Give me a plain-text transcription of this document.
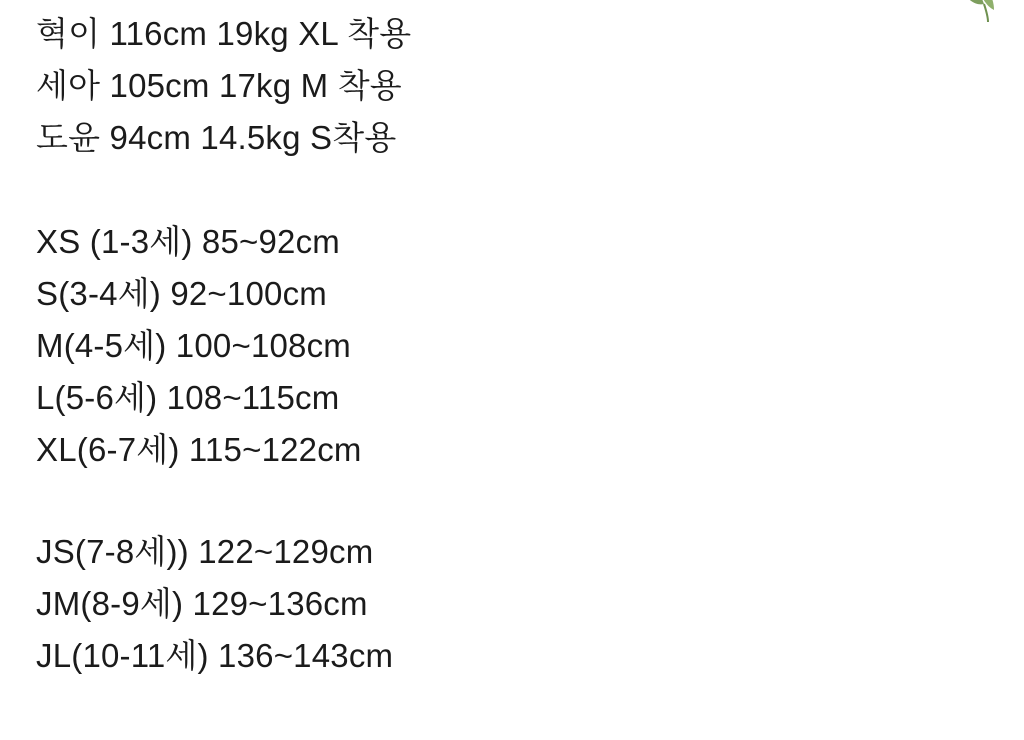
혁이 116cm 19kg XL 착용
세아 105cm 17kg M 착용
도윤 94cm 14.5kg S착용
XS (1-3세) 85~92cm
S(3-4세) 92~100cm
M(4-5세) 100~108cm
L(5-6세) 108~115cm
XL(6-7세) 115~122cm
JS(7-8세)) 122~129cm
JM(8-9세) 129~136cm
JL(10-11세) 136~143cm
